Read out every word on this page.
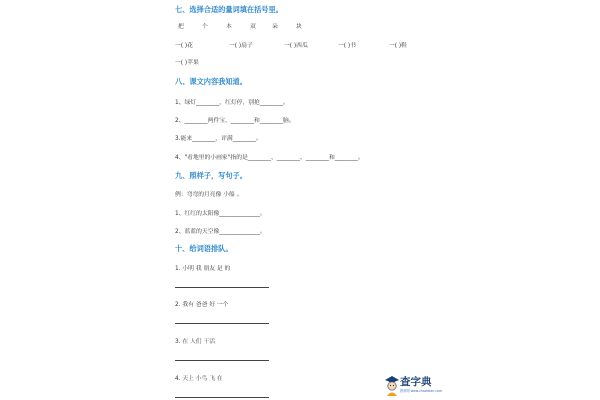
七、选择合适的量词填在括号里。
把	个	本	双	朵	块
一( )花	一( )扇子	一( )西瓜	一( )书	一( )鞋
一( )苹果
八、课文内容我知道。
1、绿灯________，红灯停，别抢________。
2、________两件宝，________和________脑。
3.能来________，评满________。
4、"看地里的小画家"指的是________、________、________和________。
九、照样子，写句子。
例：弯弯的月亮像 小船 。
1、红红的太阳像______________。
2、蓝蓝的天空像______________。
十、给词语排队。
1. 小明 我 朋友 是 的
2. 我有 爸爸 好 一个
3. 在 人们 干活
4. 天上 小鸟 飞 在	查字典
教育网 www.chazidian.com
